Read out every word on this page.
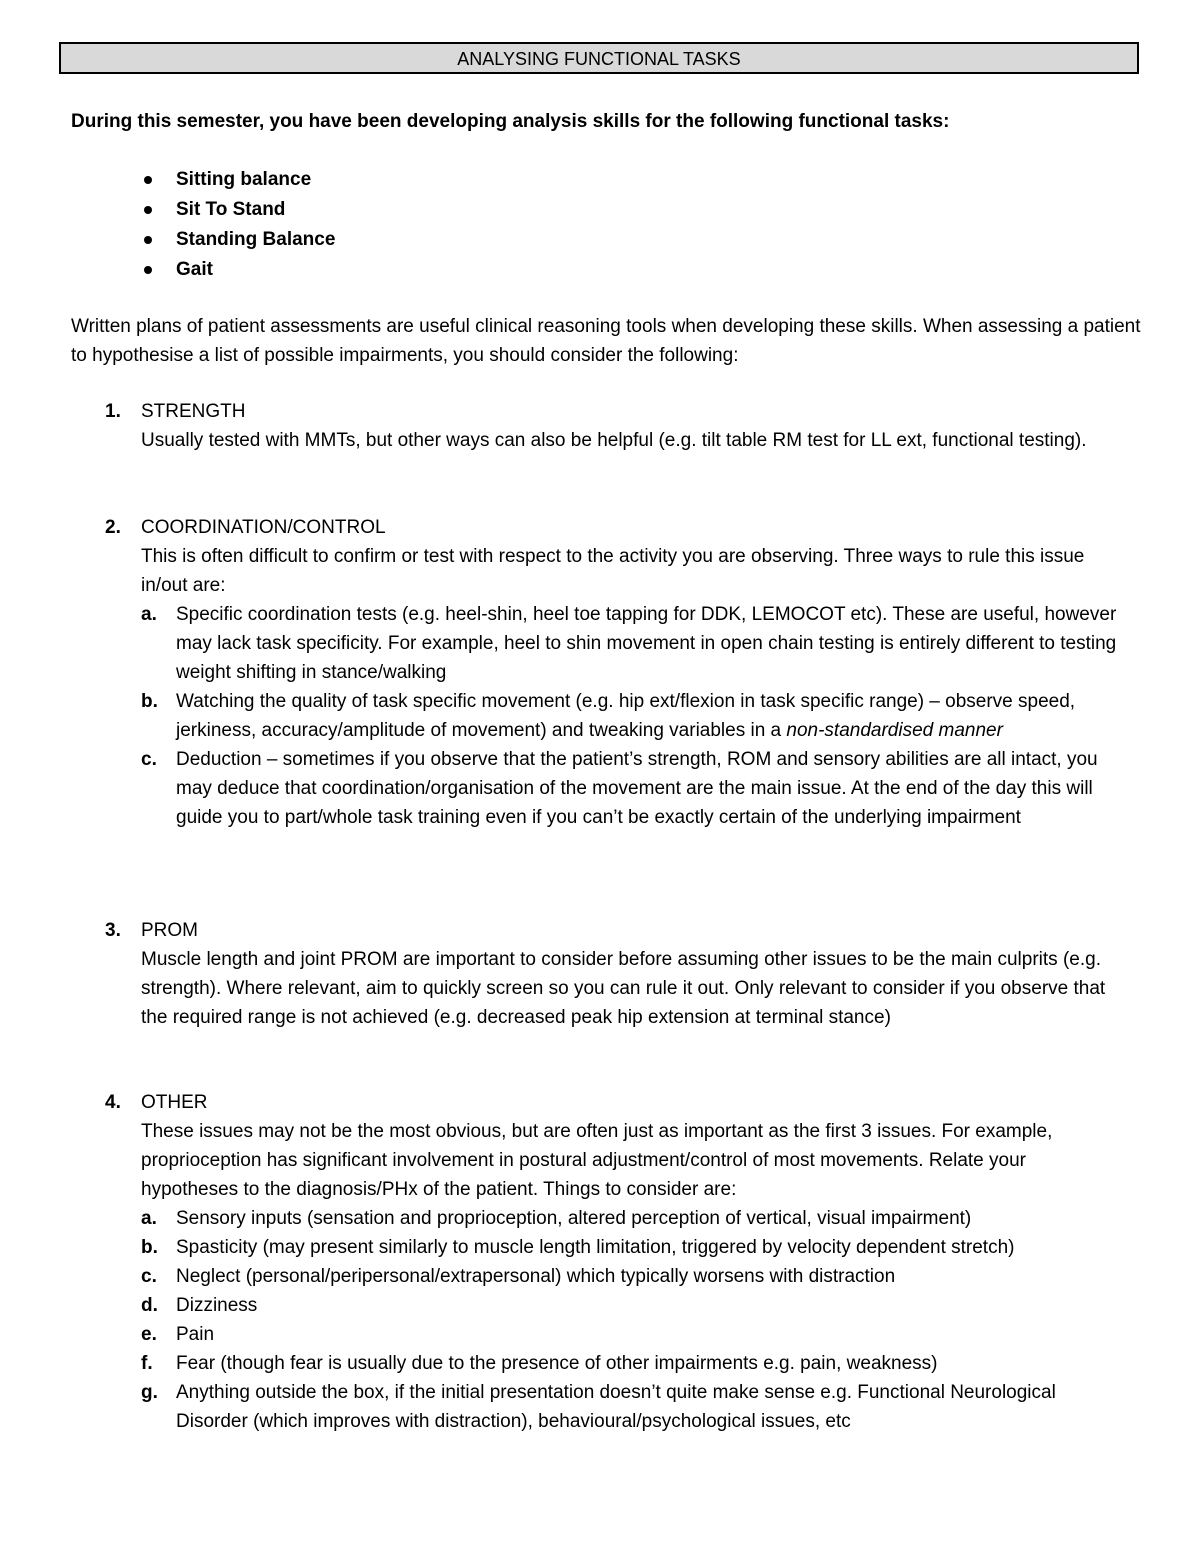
ANALYSING FUNCTIONAL TASKS
During this semester, you have been developing analysis skills for the following functional tasks:
Sitting balance
Sit To Stand
Standing Balance
Gait
Written plans of patient assessments are useful clinical reasoning tools when developing these skills. When assessing a patient to hypothesise a list of possible impairments, you should consider the following:
1. STRENGTH
Usually tested with MMTs, but other ways can also be helpful (e.g. tilt table RM test for LL ext, functional testing).
2. COORDINATION/CONTROL
This is often difficult to confirm or test with respect to the activity you are observing. Three ways to rule this issue in/out are:
a. Specific coordination tests (e.g. heel-shin, heel toe tapping for DDK, LEMOCOT etc). These are useful, however may lack task specificity. For example, heel to shin movement in open chain testing is entirely different to testing weight shifting in stance/walking
b. Watching the quality of task specific movement (e.g. hip ext/flexion in task specific range) – observe speed, jerkiness, accuracy/amplitude of movement) and tweaking variables in a non-standardised manner
c. Deduction – sometimes if you observe that the patient’s strength, ROM and sensory abilities are all intact, you may deduce that coordination/organisation of the movement are the main issue. At the end of the day this will guide you to part/whole task training even if you can’t be exactly certain of the underlying impairment
3. PROM
Muscle length and joint PROM are important to consider before assuming other issues to be the main culprits (e.g. strength). Where relevant, aim to quickly screen so you can rule it out. Only relevant to consider if you observe that the required range is not achieved (e.g. decreased peak hip extension at terminal stance)
4. OTHER
These issues may not be the most obvious, but are often just as important as the first 3 issues. For example, proprioception has significant involvement in postural adjustment/control of most movements. Relate your hypotheses to the diagnosis/PHx of the patient. Things to consider are:
a. Sensory inputs (sensation and proprioception, altered perception of vertical, visual impairment)
b. Spasticity (may present similarly to muscle length limitation, triggered by velocity dependent stretch)
c. Neglect (personal/peripersonal/extrapersonal) which typically worsens with distraction
d. Dizziness
e. Pain
f. Fear (though fear is usually due to the presence of other impairments e.g. pain, weakness)
g. Anything outside the box, if the initial presentation doesn’t quite make sense e.g. Functional Neurological Disorder (which improves with distraction), behavioural/psychological issues, etc
